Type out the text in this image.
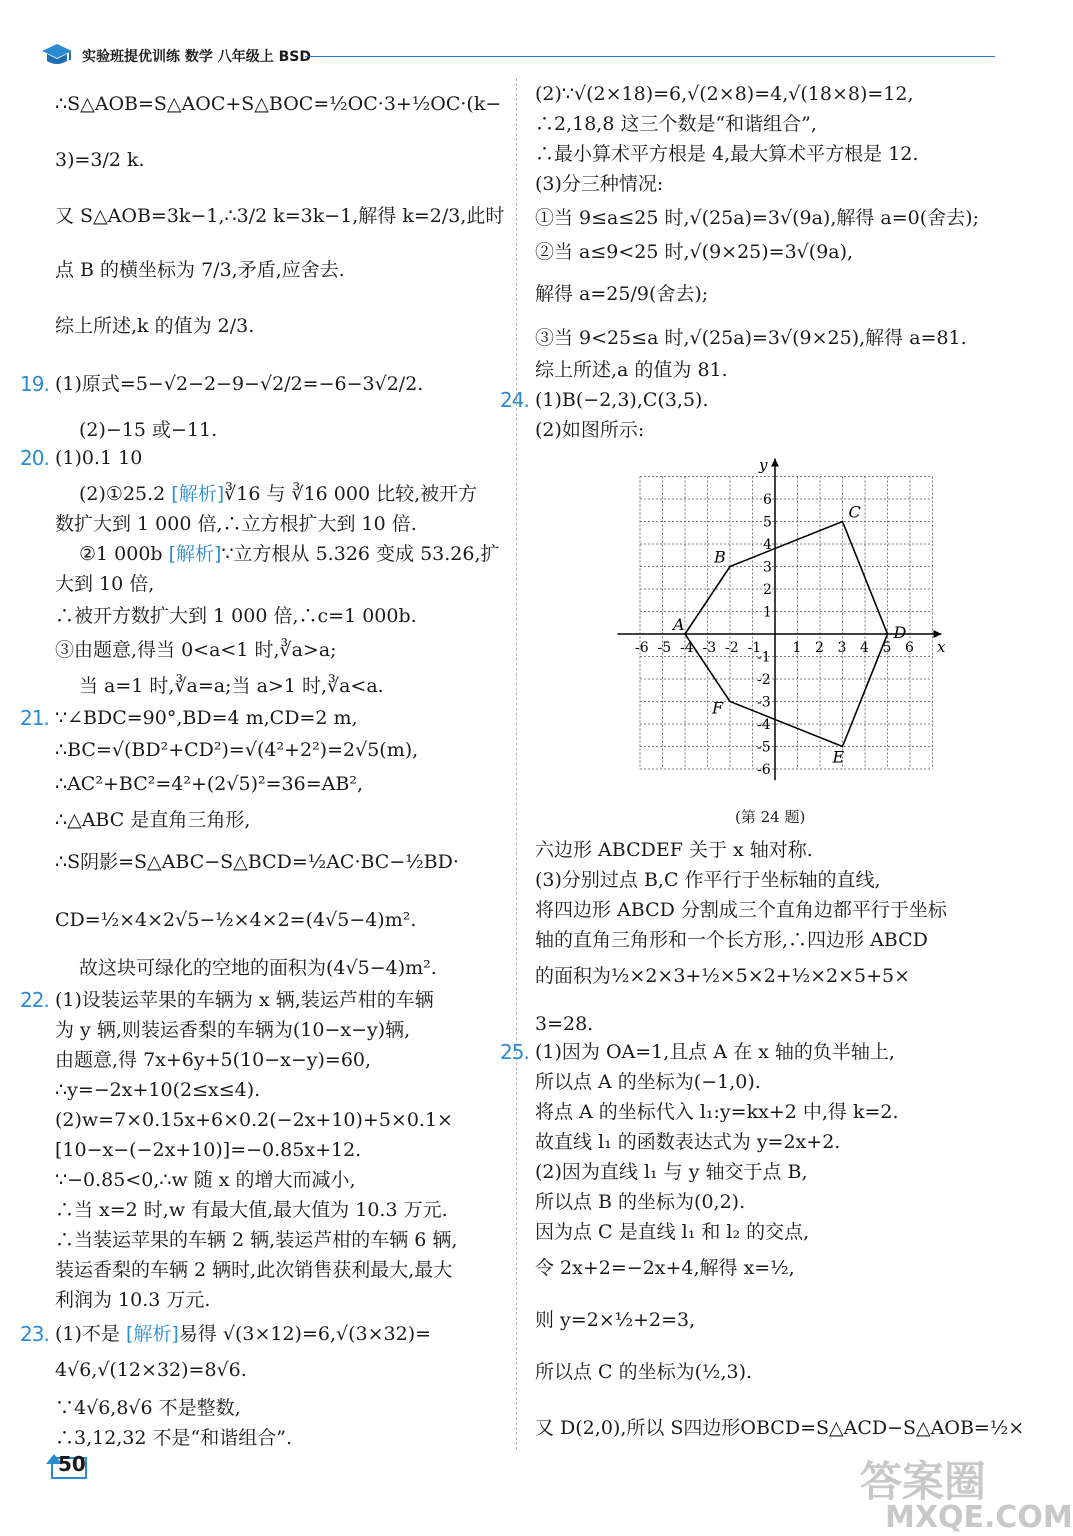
实验班提优训练 数学 八年级上 BSD
∴S△AOB=S△AOC+S△BOC=½OC·3+½OC·(k−
3)=3/2 k.
又 S△AOB=3k−1,∴3/2 k=3k−1,解得 k=2/3,此时
点 B 的横坐标为 7/3,矛盾,应舍去.
综上所述,k 的值为 2/3.
19. (1)原式=5−√2−2−9−√2/2=−6−3√2/2.
(2)−15 或−11.
20. (1)0.1 10
(2)①25.2 [解析]∛16 与 ∛16 000 比较,被开方
数扩大到 1 000 倍,∴立方根扩大到 10 倍.
②1 000b [解析]∵立方根从 5.326 变成 53.26,扩
大到 10 倍,
∴被开方数扩大到 1 000 倍,∴c=1 000b.
③由题意,得当 0<a<1 时,∛a>a;
当 a=1 时,∛a=a;当 a>1 时,∛a<a.
21. ∵∠BDC=90°,BD=4 m,CD=2 m,
∴BC=√(BD²+CD²)=√(4²+2²)=2√5(m),
∴AC²+BC²=4²+(2√5)²=36=AB²,
∴△ABC 是直角三角形,
∴S阴影=S△ABC−S△BCD=½AC·BC−½BD·
CD=½×4×2√5−½×4×2=(4√5−4)m².
故这块可绿化的空地的面积为(4√5−4)m².
22. (1)设装运苹果的车辆为 x 辆,装运芦柑的车辆
为 y 辆,则装运香梨的车辆为(10−x−y)辆,
由题意,得 7x+6y+5(10−x−y)=60,
∴y=−2x+10(2≤x≤4).
(2)w=7×0.15x+6×0.2(−2x+10)+5×0.1×
[10−x−(−2x+10)]=−0.85x+12.
∵−0.85<0,∴w 随 x 的增大而减小,
∴当 x=2 时,w 有最大值,最大值为 10.3 万元.
∴当装运苹果的车辆 2 辆,装运芦柑的车辆 6 辆,
装运香梨的车辆 2 辆时,此次销售获利最大,最大
利润为 10.3 万元.
23. (1)不是 [解析]易得 √(3×12)=6,√(3×32)=
4√6,√(12×32)=8√6.
∵4√6,8√6 不是整数,
∴3,12,32 不是“和谐组合”.
(2)∵√(2×18)=6,√(2×8)=4,√(18×8)=12,
∴2,18,8 这三个数是“和谐组合”,
∴最小算术平方根是 4,最大算术平方根是 12.
(3)分三种情况:
①当 9≤a≤25 时,√(25a)=3√(9a),解得 a=0(舍去);
②当 a≤9<25 时,√(9×25)=3√(9a),
解得 a=25/9(舍去);
③当 9<25≤a 时,√(25a)=3√(9×25),解得 a=81.
综上所述,a 的值为 81.
24. (1)B(−2,3),C(3,5).
(2)如图所示:
六边形 ABCDEF 关于 x 轴对称.
(3)分别过点 B,C 作平行于坐标轴的直线,
将四边形 ABCD 分割成三个直角边都平行于坐标
轴的直角三角形和一个长方形,∴四边形 ABCD
的面积为½×2×3+½×5×2+½×2×5+5×
3=28.
25. (1)因为 OA=1,且点 A 在 x 轴的负半轴上,
所以点 A 的坐标为(−1,0).
将点 A 的坐标代入 l₁:y=kx+2 中,得 k=2.
故直线 l₁ 的函数表达式为 y=2x+2.
(2)因为直线 l₁ 与 y 轴交于点 B,
所以点 B 的坐标为(0,2).
因为点 C 是直线 l₁ 和 l₂ 的交点,
令 2x+2=−2x+4,解得 x=½,
则 y=2×½+2=3,
所以点 C 的坐标为(½,3).
又 D(2,0),所以 S四边形OBCD=S△ACD−S△AOB=½×
x
y
-6 -5 -4 -3 -2 -1 1 2 3 4 5 6
6
5
4
3
2
1
-1
-2
-3
-4
-5
-6
A
B
C
D
E
F
(第 24 题)
50	答案圈
MXQE.COM
